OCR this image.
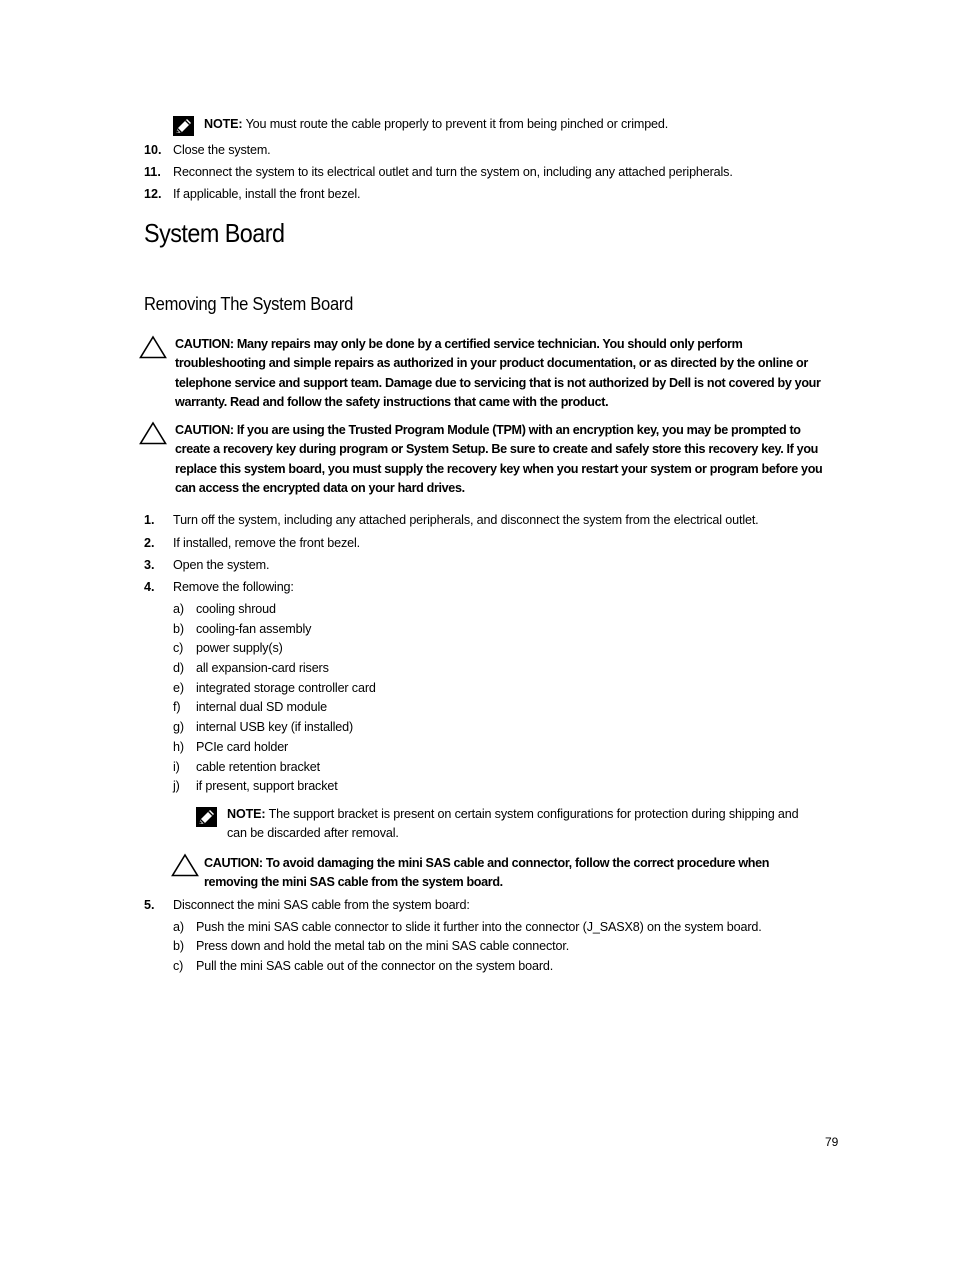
NOTE: You must route the cable properly to prevent it from being pinched or crimped.
10. Close the system.
11. Reconnect the system to its electrical outlet and turn the system on, including any attached peripherals.
12. If applicable, install the front bezel.
System Board
Removing The System Board
CAUTION: Many repairs may only be done by a certified service technician. You should only perform
troubleshooting and simple repairs as authorized in your product documentation, or as directed by the online or
telephone service and support team. Damage due to servicing that is not authorized by Dell is not covered by your
warranty. Read and follow the safety instructions that came with the product.
CAUTION: If you are using the Trusted Program Module (TPM) with an encryption key, you may be prompted to
create a recovery key during program or System Setup. Be sure to create and safely store this recovery key. If you
replace this system board, you must supply the recovery key when you restart your system or program before you
can access the encrypted data on your hard drives.
1. Turn off the system, including any attached peripherals, and disconnect the system from the electrical outlet.
2. If installed, remove the front bezel.
3. Open the system.
4. Remove the following:
a) cooling shroud
b) cooling-fan assembly
c) power supply(s)
d) all expansion-card risers
e) integrated storage controller card
f) internal dual SD module
g) internal USB key (if installed)
h) PCIe card holder
i) cable retention bracket
j) if present, support bracket
NOTE: The support bracket is present on certain system configurations for protection during shipping and
can be discarded after removal.
CAUTION: To avoid damaging the mini SAS cable and connector, follow the correct procedure when
removing the mini SAS cable from the system board.
5. Disconnect the mini SAS cable from the system board:
a) Push the mini SAS cable connector to slide it further into the connector (J_SASX8) on the system board.
b) Press down and hold the metal tab on the mini SAS cable connector.
c) Pull the mini SAS cable out of the connector on the system board.
79
